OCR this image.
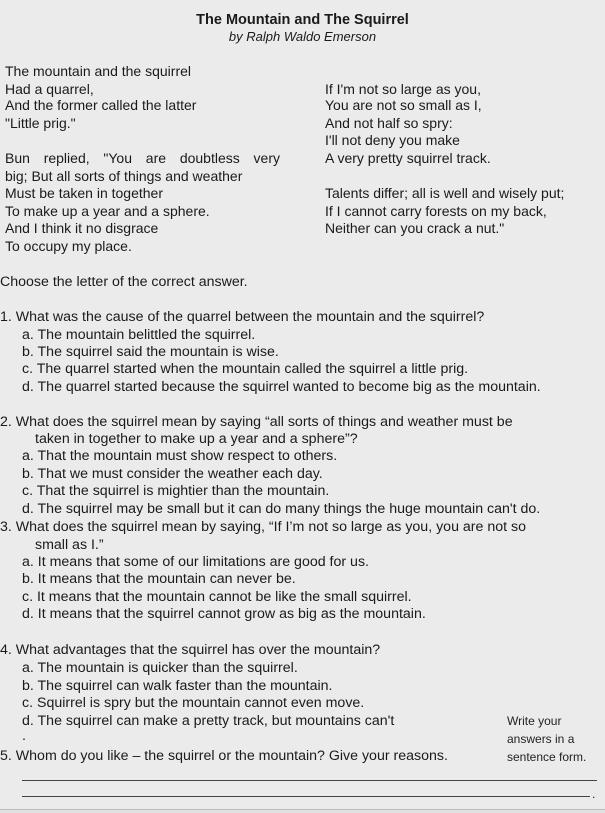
The Mountain and The Squirrel
by Ralph Waldo Emerson
The mountain and the squirrel
Had a quarrel,
And the former called the latter
"Little prig."
Bun replied, "You are doubtless very
big; But all sorts of things and weather
Must be taken in together
To make up a year and a sphere.
And I think it no disgrace
To occupy my place.
If I'm not so large as you,
You are not so small as I,
And not half so spry:
I'll not deny you make
A very pretty squirrel track.
Talents differ; all is well and wisely put;
If I cannot carry forests on my back,
Neither can you crack a nut."
Choose the letter of the correct answer.
1. What was the cause of the quarrel between the mountain and the squirrel?
a. The mountain belittled the squirrel.
b. The squirrel said the mountain is wise.
c. The quarrel started when the mountain called the squirrel a little prig.
d. The quarrel started because the squirrel wanted to become big as the mountain.
2. What does the squirrel mean by saying “all sorts of things and weather must be
taken in together to make up a year and a sphere”?
a. That the mountain must show respect to others.
b. That we must consider the weather each day.
c. That the squirrel is mightier than the mountain.
d. The squirrel may be small but it can do many things the huge mountain can't do.
3. What does the squirrel mean by saying, “If I’m not so large as you, you are not so
small as I.”
a. It means that some of our limitations are good for us.
b. It means that the mountain can never be.
c. It means that the mountain cannot be like the small squirrel.
d. It means that the squirrel cannot grow as big as the mountain.
4. What advantages that the squirrel has over the mountain?
a. The mountain is quicker than the squirrel.
b. The squirrel can walk faster than the mountain.
c. Squirrel is spry but the mountain cannot even move.
d. The squirrel can make a pretty track, but mountains can't
.
5. Whom do you like – the squirrel or the mountain? Give your reasons.
.
Write your
answers in a
sentence form.
